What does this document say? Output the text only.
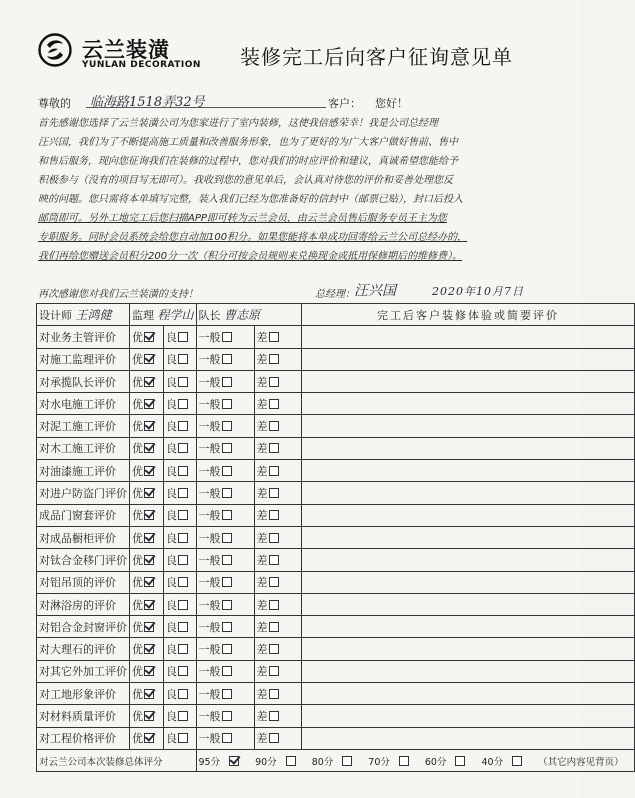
云兰装潢
YUNLAN DECORATION 装修完工后向客户征询意见单
尊敬的 临海路1518弄32号	客户： 您好！

首先感谢您选择了云兰装潢公司为您家进行了室内装修，这使我倍感荣幸！我是公司总经理

汪兴国，我们为了不断提高施工质量和改善服务形象，也为了更好的为广大客户做好售前、售中

和售后服务，现向您征询我们在装修的过程中，您对我们的时应评价和建议，真诚希望您能给予

积极参与（没有的项目写无即可）。我收到您的意见单后，会认真对待您的评价和妥善处理您反

映的问题。您只需将本单填写完整，装入我们已经为您准备好的信封中（邮票已贴），封口后投入

邮筒即可。另外工地完工后您扫描APP即可转为云兰会员，由云兰会员售后服务专员王主为您

专职服务。同时会员系统会给您自动加100积分。如果您能将本单成功回寄给云兰公司总经办的，

我们再给您赠送会员积分200分一次（积分可按会员规则来兑换现金或抵用保修期后的维修费）。

再次感谢您对我们云兰装潢的支持！	总经理： 汪兴国	2020年10月7日
设计师 王鸿健	监理 程学山		队长 曹志原		完工后客户装修体验或简要评价
对业务主管评价	优	良	一般	差	
对施工监理评价	优	良	一般	差	
对承揽队长评价	优	良	一般	差	
对水电施工评价	优	良	一般	差	
对泥工施工评价	优	良	一般	差	
对木工施工评价	优	良	一般	差	
对油漆施工评价	优	良	一般	差	
对进户防盗门评价	优	良	一般	差	
成品门窗套评价	优	良	一般	差	
对成品橱柜评价	优	良	一般	差	
对钛合金移门评价	优	良	一般	差	
对铝吊顶的评价	优	良	一般	差	
对淋浴房的评价	优	良	一般	差	
对铝合金封窗评价	优	良	一般	差	
对大理石的评价	优	良	一般	差	
对其它外加工评价	优	良	一般	差	
对工地形象评价	优	良	一般	差	
对材料质量评价	优	良	一般	差	
对工程价格评价	优	良	一般	差	
对云兰公司本次装修总体评分			95分 90分 80分 70分 60分 40分 （其它内容见背页）		
